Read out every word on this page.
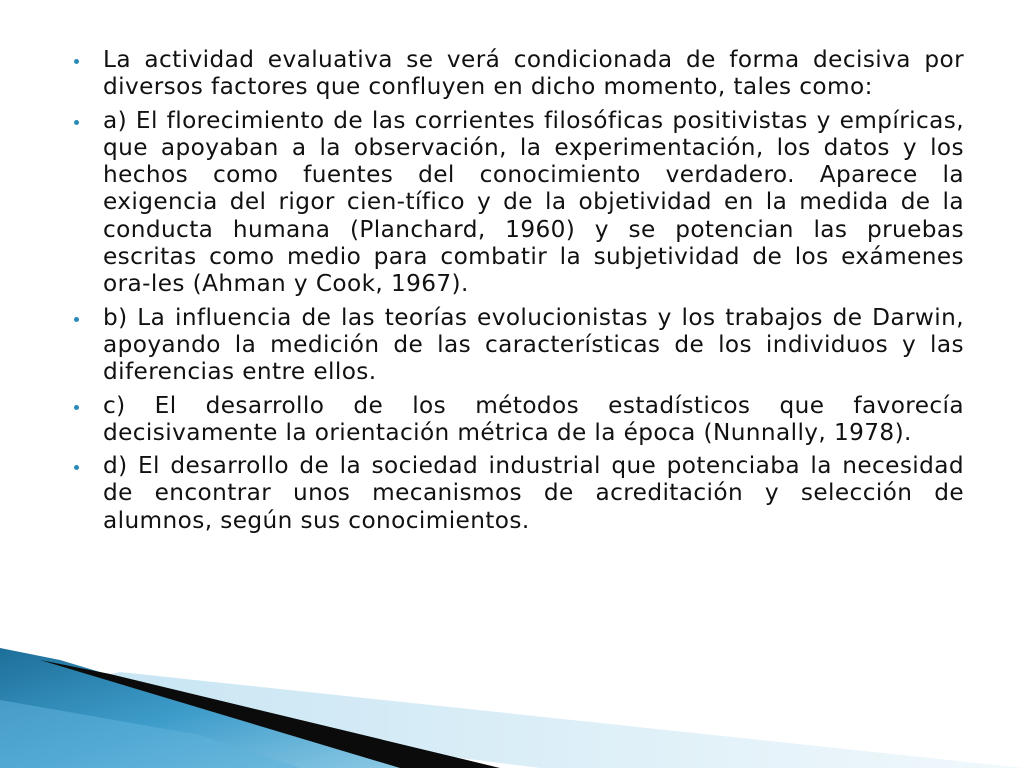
La actividad evaluativa se verá condicionada de forma decisiva por diversos factores que confluyen en dicho momento, tales como:
a) El florecimiento de las corrientes filosóficas positivistas y empíricas, que apoyaban a la observación, la experimentación, los datos y los hechos como fuentes del conocimiento verdadero. Aparece la exigencia del rigor cien-tífico y de la objetividad en la medida de la conducta humana (Planchard, 1960) y se potencian las pruebas escritas como medio para combatir la subjetividad de los exámenes ora-les (Ahman y Cook, 1967).
b) La influencia de las teorías evolucionistas y los trabajos de Darwin, apoyando la medición de las características de los individuos y las diferencias entre ellos.
c) El desarrollo de los métodos estadísticos que favorecía decisivamente la orientación métrica de la época (Nunnally, 1978).
d) El desarrollo de la sociedad industrial que potenciaba la necesidad de encontrar unos mecanismos de acreditación y selección de alumnos, según sus conocimientos.
